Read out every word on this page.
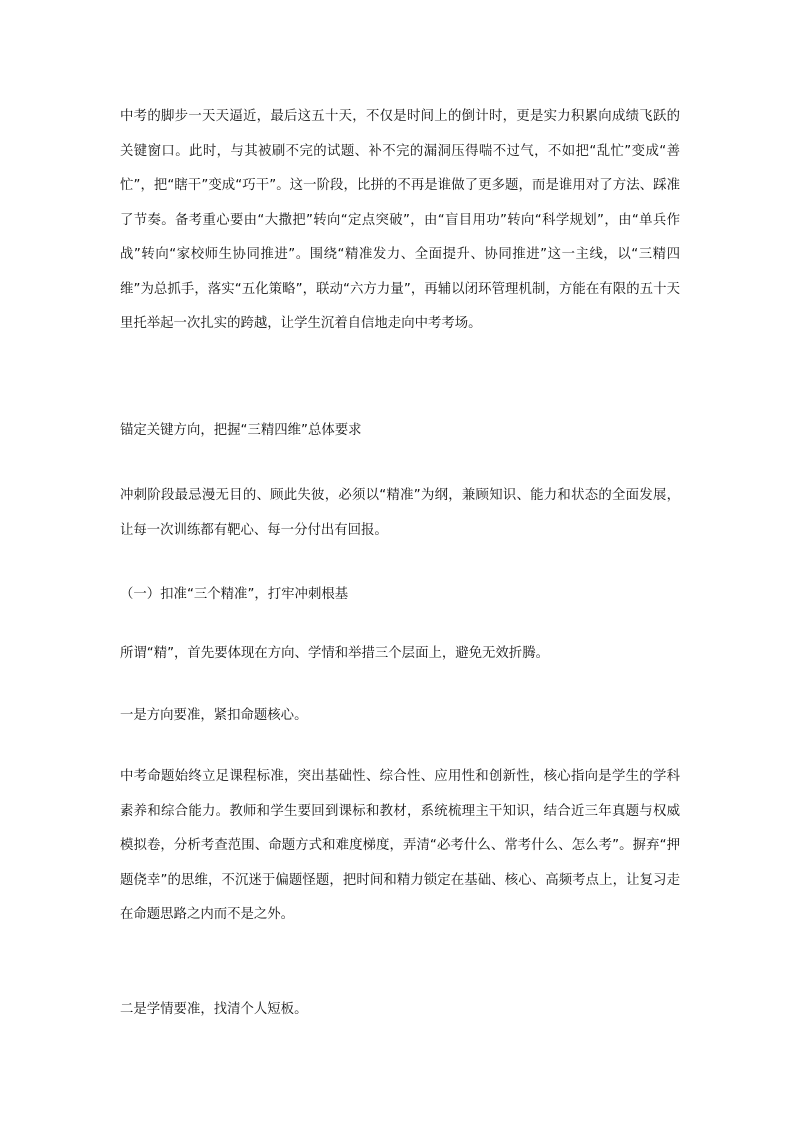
中考的脚步一天天逼近，最后这五十天，不仅是时间上的倒计时，更是实力积累向成绩飞跃的关键窗口。此时，与其被刷不完的试题、补不完的漏洞压得喘不过气，不如把“乱忙”变成“善忙”，把“瞎干”变成“巧干”。这一阶段，比拼的不再是谁做了更多题，而是谁用对了方法、踩准了节奏。备考重心要由“大撒把”转向“定点突破”，由“盲目用功”转向“科学规划”，由“单兵作战”转向“家校师生协同推进”。围绕“精准发力、全面提升、协同推进”这一主线，以“三精四维”为总抓手，落实“五化策略”，联动“六方力量”，再辅以闭环管理机制，方能在有限的五十天里托举起一次扎实的跨越，让学生沉着自信地走向中考考场。

锚定关键方向，把握“三精四维”总体要求

冲刺阶段最忌漫无目的、顾此失彼，必须以“精准”为纲，兼顾知识、能力和状态的全面发展，让每一次训练都有靶心、每一分付出有回报。

（一）扣准“三个精准”，打牢冲刺根基

所谓“精”，首先要体现在方向、学情和举措三个层面上，避免无效折腾。

一是方向要准，紧扣命题核心。

中考命题始终立足课程标准，突出基础性、综合性、应用性和创新性，核心指向是学生的学科素养和综合能力。教师和学生要回到课标和教材，系统梳理主干知识，结合近三年真题与权威模拟卷，分析考查范围、命题方式和难度梯度，弄清“必考什么、常考什么、怎么考”。摒弃“押题侥幸”的思维，不沉迷于偏题怪题，把时间和精力锁定在基础、核心、高频考点上，让复习走在命题思路之内而不是之外。

二是学情要准，找清个人短板。
